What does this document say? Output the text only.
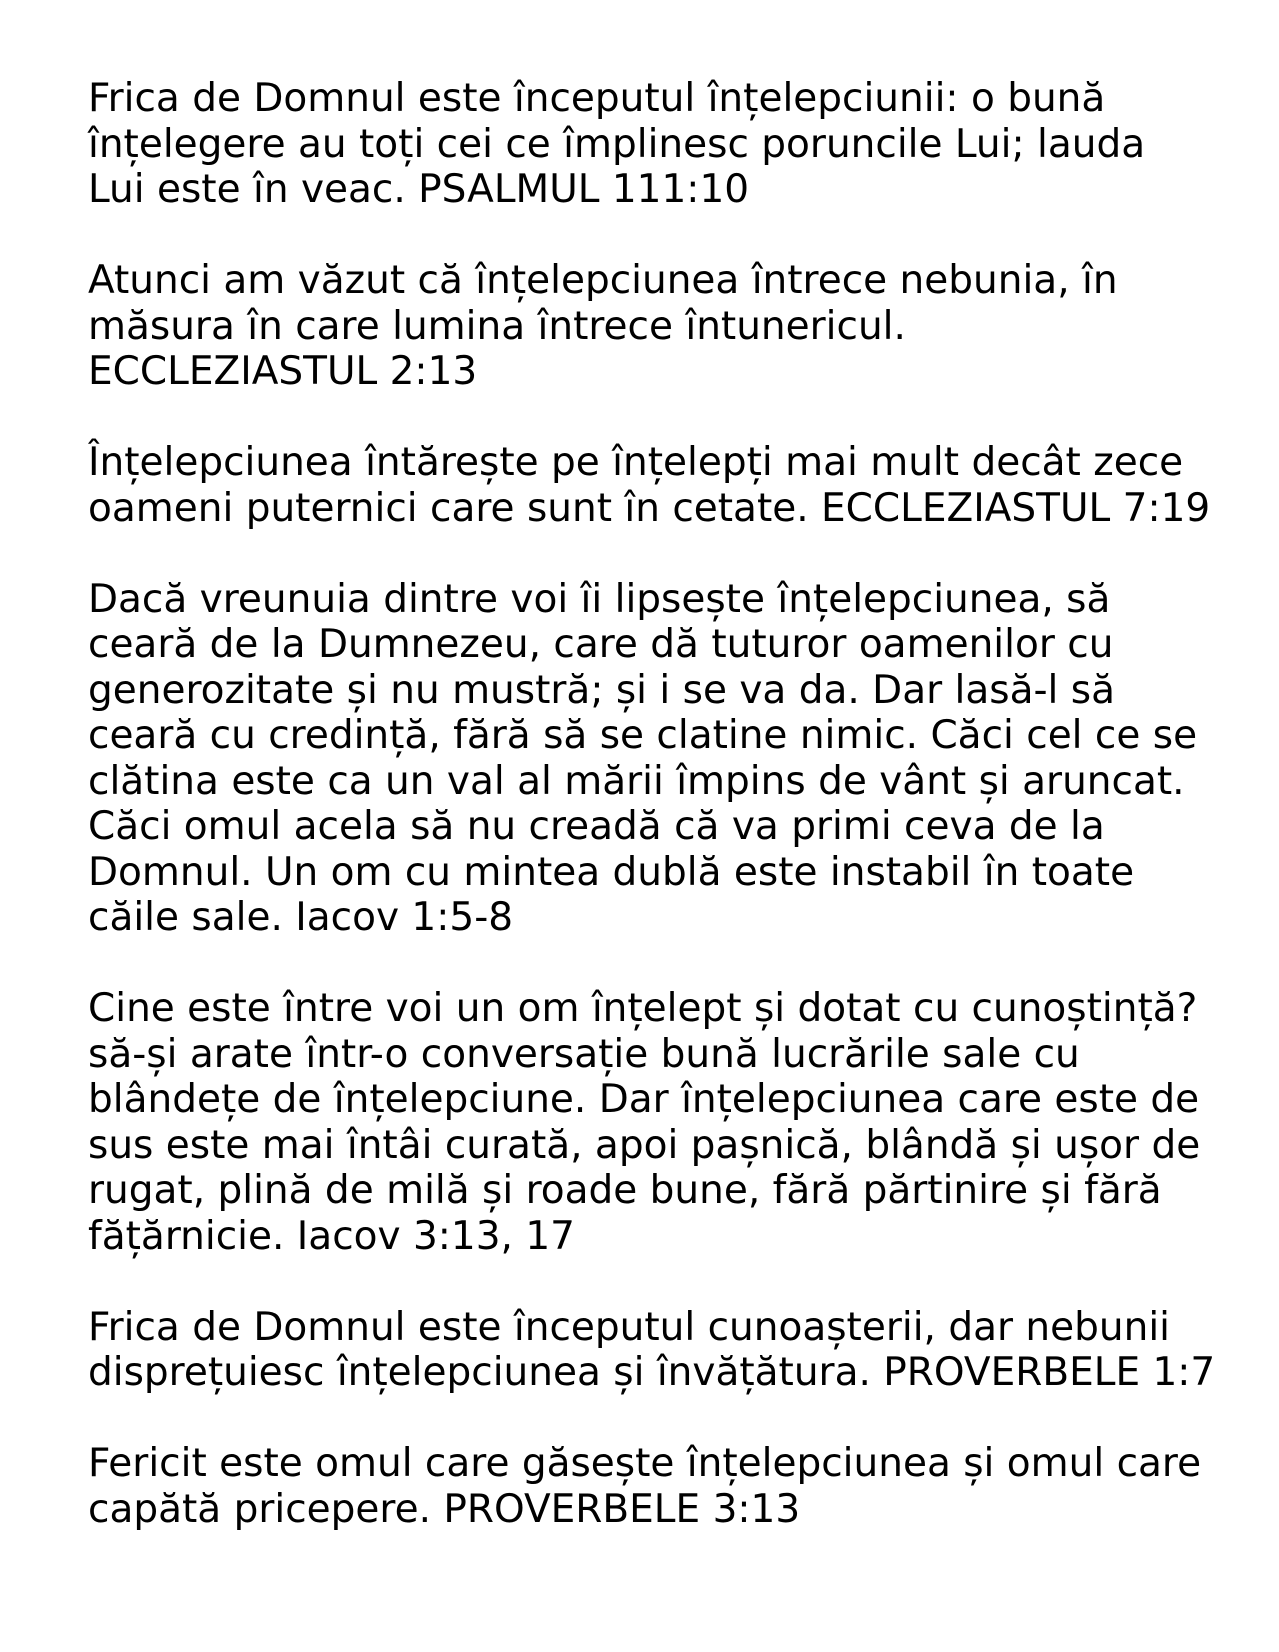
Frica de Domnul este începutul înțelepciunii: o bună
înțelegere au toți cei ce împlinesc poruncile Lui; lauda
Lui este în veac. PSALMUL 111:10

Atunci am văzut că înțelepciunea întrece nebunia, în
măsura în care lumina întrece întunericul.
ECCLEZIASTUL 2:13

Înțelepciunea întărește pe înțelepți mai mult decât zece
oameni puternici care sunt în cetate. ECCLEZIASTUL 7:19

Dacă vreunuia dintre voi îi lipsește înțelepciunea, să
ceară de la Dumnezeu, care dă tuturor oamenilor cu
generozitate și nu mustră; și i se va da. Dar lasă-l să
ceară cu credință, fără să se clatine nimic. Căci cel ce se
clătina este ca un val al mării împins de vânt și aruncat.
Căci omul acela să nu creadă că va primi ceva de la
Domnul. Un om cu mintea dublă este instabil în toate
căile sale. Iacov 1:5-8

Cine este între voi un om înțelept și dotat cu cunoștință?
să-și arate într-o conversație bună lucrările sale cu
blândețe de înțelepciune. Dar înțelepciunea care este de
sus este mai întâi curată, apoi pașnică, blândă și ușor de
rugat, plină de milă și roade bune, fără părtinire și fără
fățărnicie. Iacov 3:13, 17

Frica de Domnul este începutul cunoașterii, dar nebunii
disprețuiesc înțelepciunea și învățătura. PROVERBELE 1:7

Fericit este omul care găsește înțelepciunea și omul care
capătă pricepere. PROVERBELE 3:13
